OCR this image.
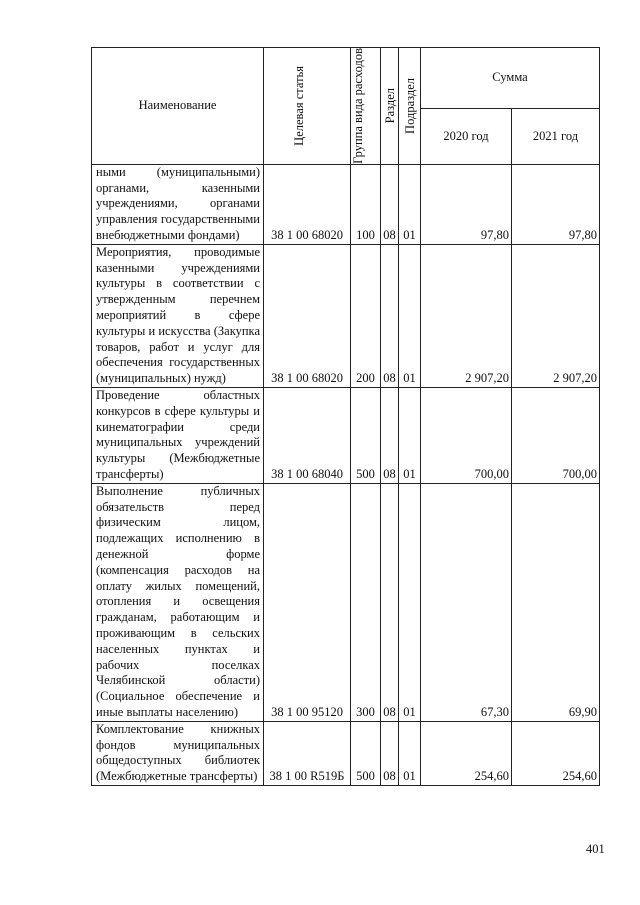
Наименование	Целевая статья	Группа вида расходов	Раздел	Подраздел	Сумма	
					2020 год	2021 год
ными (муниципальными) органами, казенными учреждениями, органами управления государственными внебюджетными фондами)	38 1 00 68020	100	08	01	97,80	97,80
Мероприятия, проводимые казенными учреждениями культуры в соответствии с утвержденным перечнем мероприятий в сфере культуры и искусства (Закупка товаров, работ и услуг для обеспечения государственных (муниципальных) нужд)	38 1 00 68020	200	08	01	2 907,20	2 907,20
Проведение областных конкурсов в сфере культуры и кинематографии среди муниципальных учреждений культуры (Межбюджетные трансферты)	38 1 00 68040	500	08	01	700,00	700,00
Выполнение публичных обязательств перед физическим лицом, подлежащих исполнению в денежной форме (компенсация расходов на оплату жилых помещений, отопления и освещения гражданам, работающим и проживающим в сельских населенных пунктах и рабочих поселках Челябинской области) (Социальное обеспечение и иные выплаты населению)	38 1 00 95120	300	08	01	67,30	69,90
Комплектование книжных фондов муниципальных общедоступных библиотек (Межбюджетные трансферты)	38 1 00 R519Б	500	08	01	254,60	254,60
401
